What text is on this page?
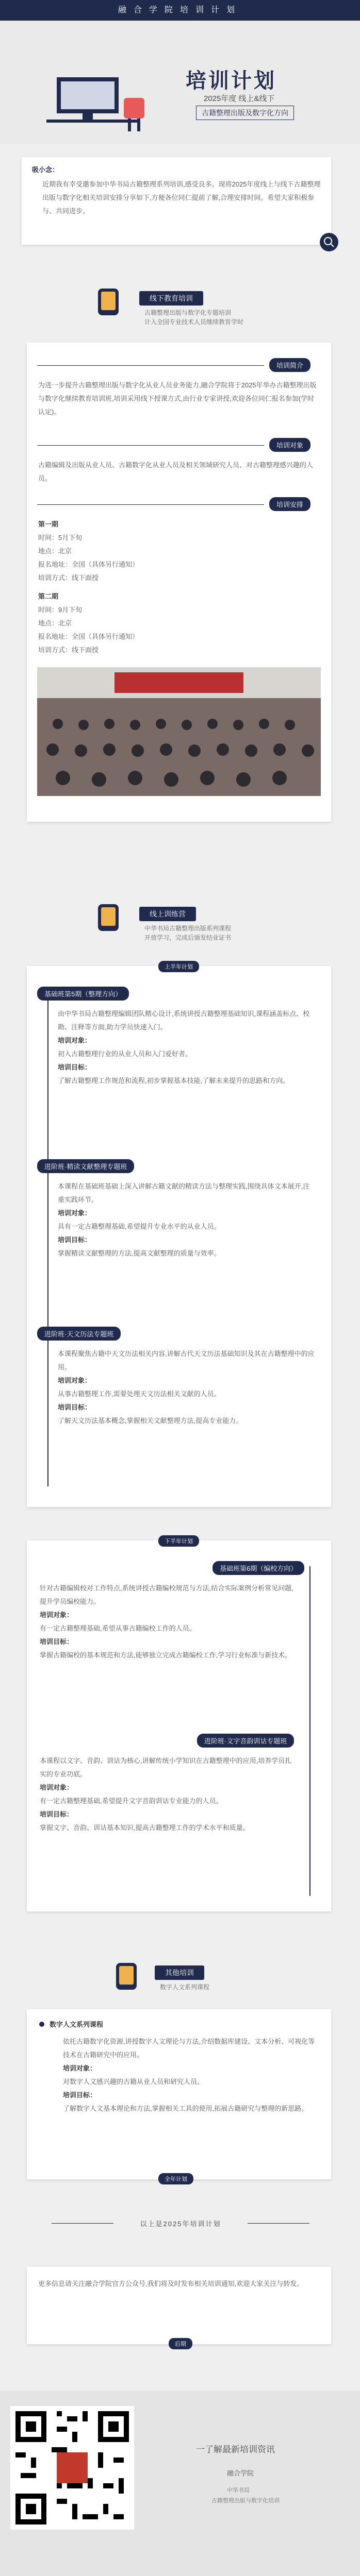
融合学院培训计划
培训计划
2025年度 线上&线下
古籍整理出版及数字化方向
吸小念：
近期我有幸受邀参加中华书局古籍整理系列培训,感受良多。现将2025年度线上与线下古籍整理出版与数字化相关培训安排分享如下,方便各位同仁提前了解,合理安排时间。希望大家积极参与、共同进步。
线下教育培训
古籍整理出版与数字化专题培训
计入全国专业技术人员继续教育学时
培训简介
为进一步提升古籍整理出版与数字化从业人员业务能力,融合学院将于2025年举办古籍整理出版与数字化继续教育培训班,培训采用线下授课方式,由行业专家讲授,欢迎各位同仁报名参加(学时认定)。
培训对象
古籍编辑及出版从业人员、古籍数字化从业人员及相关领域研究人员、对古籍整理感兴趣的人员。
培训安排
第一期
时间：5月下旬
地点：北京
报名地址：全国（具体另行通知）
培训方式：线下面授
第二期
时间：9月下旬
地点：北京
报名地址：全国（具体另行通知）
培训方式：线下面授
线上训练营
中华书局古籍整理出版系列课程
开放学习，完成后颁发结业证书
上半年计划
基础班第5期（整理方向）
由中华书局古籍整理编辑团队精心设计,系统讲授古籍整理基础知识,课程涵盖标点、校勘、注释等方面,助力学员快速入门。
培训对象：
初入古籍整理行业的从业人员和入门爱好者。
培训目标：
了解古籍整理工作规范和流程,初步掌握基本技能,了解未来提升的思路和方向。
进阶班·精读文献整理专题班
本课程在基础班基础上深入讲解古籍文献的精读方法与整理实践,围绕具体文本展开,注重实践环节。
培训对象：
具有一定古籍整理基础,希望提升专业水平的从业人员。
培训目标：
掌握精读文献整理的方法,提高文献整理的质量与效率。
进阶班·天文历法专题班
本课程聚焦古籍中天文历法相关内容,讲解古代天文历法基础知识及其在古籍整理中的应用。
培训对象：
从事古籍整理工作,需要处理天文历法相关文献的人员。
培训目标：
了解天文历法基本概念,掌握相关文献整理方法,提高专业能力。
下半年计划
基础班第6期（编校方向）
针对古籍编辑校对工作特点,系统讲授古籍编校规范与方法,结合实际案例分析常见问题,提升学员编校能力。
培训对象：
有一定古籍整理基础,希望从事古籍编校工作的人员。
培训目标：
掌握古籍编校的基本规范和方法,能够独立完成古籍编校工作,学习行业标准与新技术。
进阶班·文字音韵训诂专题班
本课程以文字、音韵、训诂为核心,讲解传统小学知识在古籍整理中的应用,培养学员扎实的专业功底。
培训对象：
有一定古籍整理基础,希望提升文字音韵训诂专业能力的人员。
培训目标：
掌握文字、音韵、训诂基本知识,提高古籍整理工作的学术水平和质量。
其他培训
数字人文系列课程
数字人文系列课程
依托古籍数字化资源,讲授数字人文理论与方法,介绍数据库建设、文本分析、可视化等技术在古籍研究中的应用。
培训对象：
对数字人文感兴趣的古籍从业人员和研究人员。
培训目标：
了解数字人文基本理论和方法,掌握相关工具的使用,拓展古籍研究与整理的新思路。
全年计划
以上是2025年培训计划
更多信息请关注融合学院官方公众号,我们将及时发布相关培训通知,欢迎大家关注与转发。
后期
一了解最新培训资讯
融合学院
中华书局
古籍整理出版与数字化培训
